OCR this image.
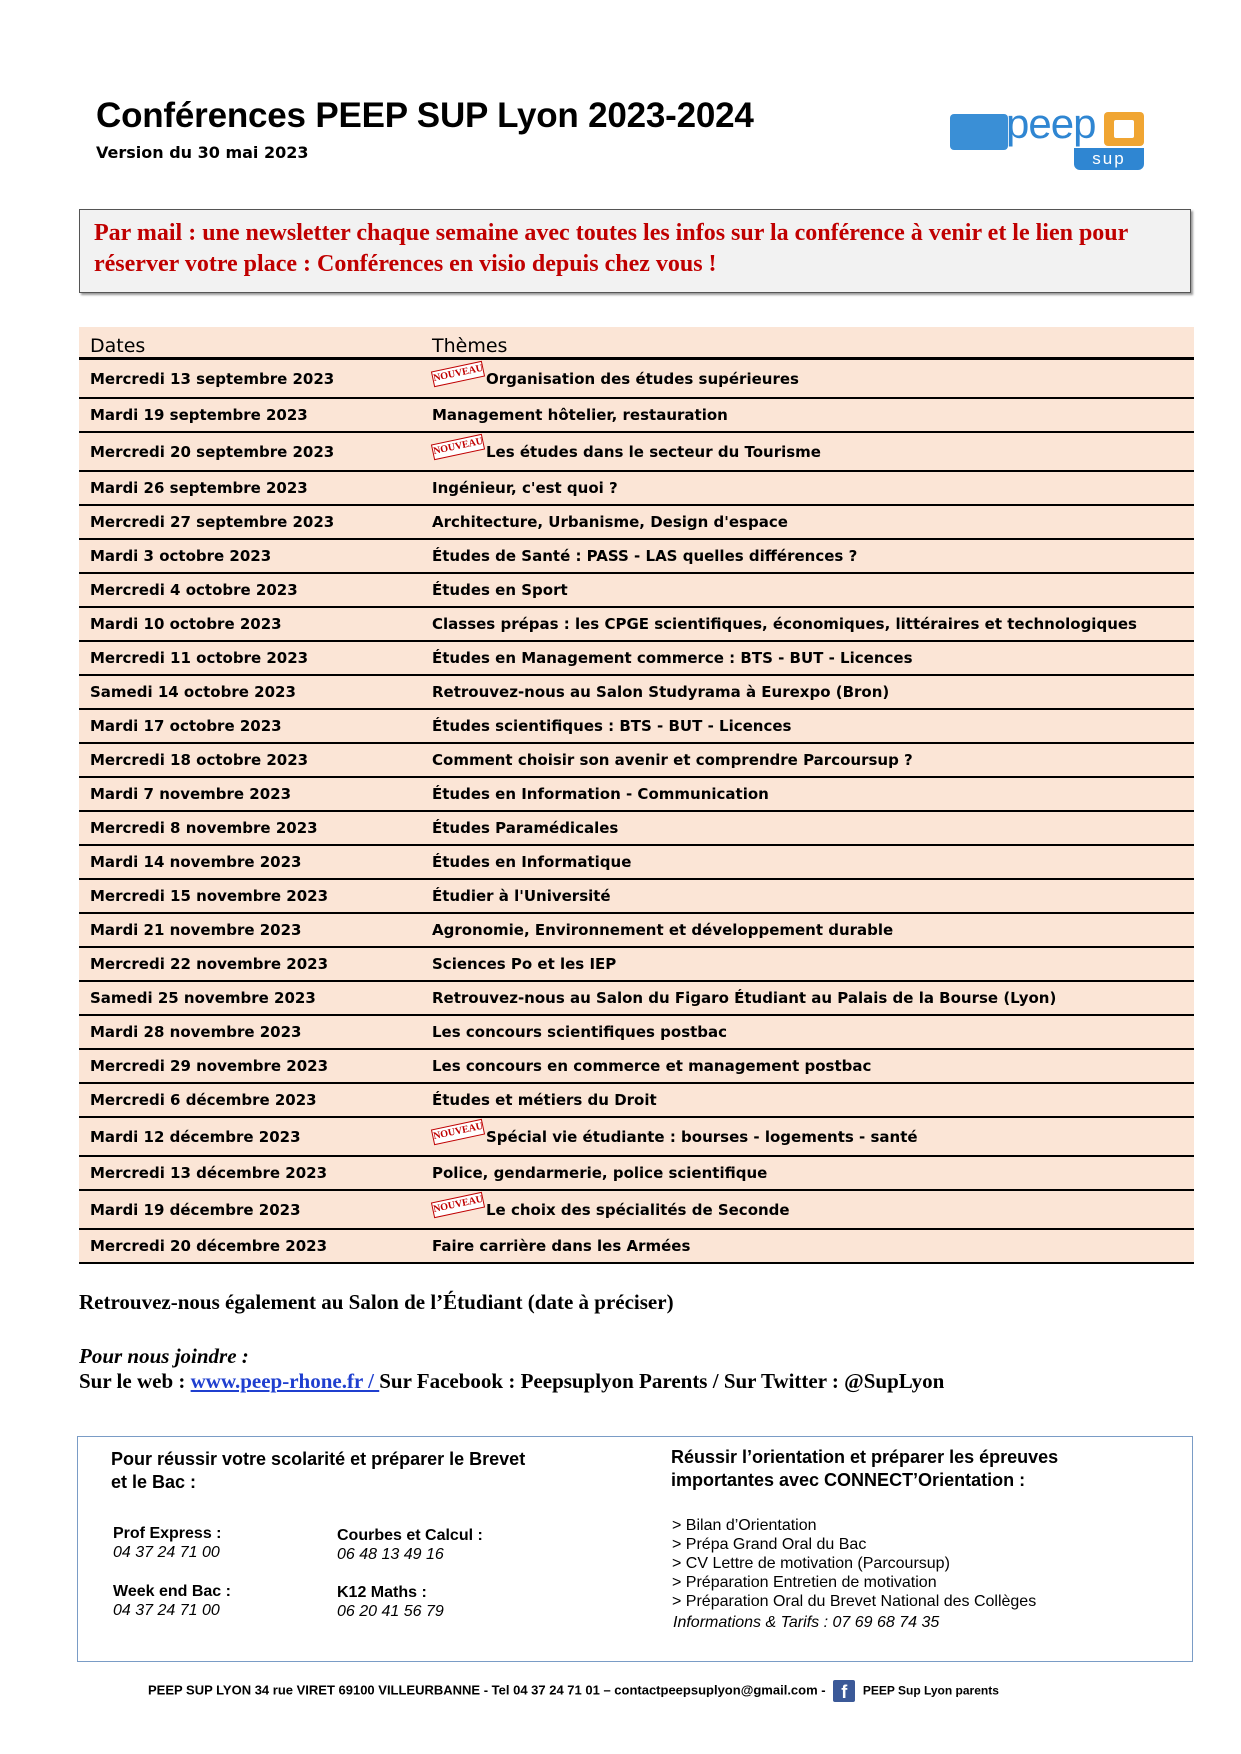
Conférences PEEP SUP Lyon 2023-2024
Version du 30 mai 2023
peep
sup

Par mail : une newsletter chaque semaine avec toutes les infos sur la conférence à venir et le lien pour réserver votre place : Conférences en visio depuis chez vous !

Dates	Thèmes
Mercredi 13 septembre 2023	NOUVEAU Organisation des études supérieures
Mardi 19 septembre 2023	Management hôtelier, restauration
Mercredi 20 septembre 2023	NOUVEAU Les études dans le secteur du Tourisme
Mardi 26 septembre 2023	Ingénieur, c'est quoi ?
Mercredi 27 septembre 2023	Architecture, Urbanisme, Design d'espace
Mardi 3 octobre 2023	Études de Santé : PASS - LAS quelles différences ?
Mercredi 4 octobre 2023	Études en Sport
Mardi 10 octobre 2023	Classes prépas : les CPGE scientifiques, économiques, littéraires et technologiques
Mercredi 11 octobre 2023	Études en Management commerce : BTS - BUT - Licences
Samedi 14 octobre 2023	Retrouvez-nous au Salon Studyrama à Eurexpo (Bron)
Mardi 17 octobre 2023	Études scientifiques : BTS - BUT - Licences
Mercredi 18 octobre 2023	Comment choisir son avenir et comprendre Parcoursup ?
Mardi 7 novembre 2023	Études en Information - Communication
Mercredi 8 novembre 2023	Études Paramédicales
Mardi 14 novembre 2023	Études en Informatique
Mercredi 15 novembre 2023	Étudier à l'Université
Mardi 21 novembre 2023	Agronomie, Environnement et développement durable
Mercredi 22 novembre 2023	Sciences Po et les IEP
Samedi 25 novembre 2023	Retrouvez-nous au Salon du Figaro Étudiant au Palais de la Bourse (Lyon)
Mardi 28 novembre 2023	Les concours scientifiques postbac
Mercredi 29 novembre 2023	Les concours en commerce et management postbac
Mercredi 6 décembre 2023	Études et métiers du Droit
Mardi 12 décembre 2023	NOUVEAU Spécial vie étudiante : bourses - logements - santé
Mercredi 13 décembre 2023	Police, gendarmerie, police scientifique
Mardi 19 décembre 2023	NOUVEAU Le choix des spécialités de Seconde
Mercredi 20 décembre 2023	Faire carrière dans les Armées

Retrouvez-nous également au Salon de l’Étudiant (date à préciser)

Pour nous joindre :
Sur le web : www.peep-rhone.fr / Sur Facebook : Peepsuplyon Parents / Sur Twitter : @SupLyon
Pour réussir votre scolarité et préparer le Brevet et le Bac :
Prof Express :
04 37 24 71 00
Courbes et Calcul :
06 48 13 49 16
Week end Bac :
04 37 24 71 00
K12 Maths :
06 20 41 56 79
Réussir l’orientation et préparer les épreuves importantes avec CONNECT’Orientation :
> Bilan d’Orientation
> Prépa Grand Oral du Bac
> CV Lettre de motivation (Parcoursup)
> Préparation Entretien de motivation
> Préparation Oral du Brevet National des Collèges
Informations & Tarifs : 07 69 68 74 35
PEEP SUP LYON 34 rue VIRET 69100 VILLEURBANNE - Tel 04 37 24 71 01 – contactpeepsuplyon@gmail.com - f PEEP Sup Lyon parents
